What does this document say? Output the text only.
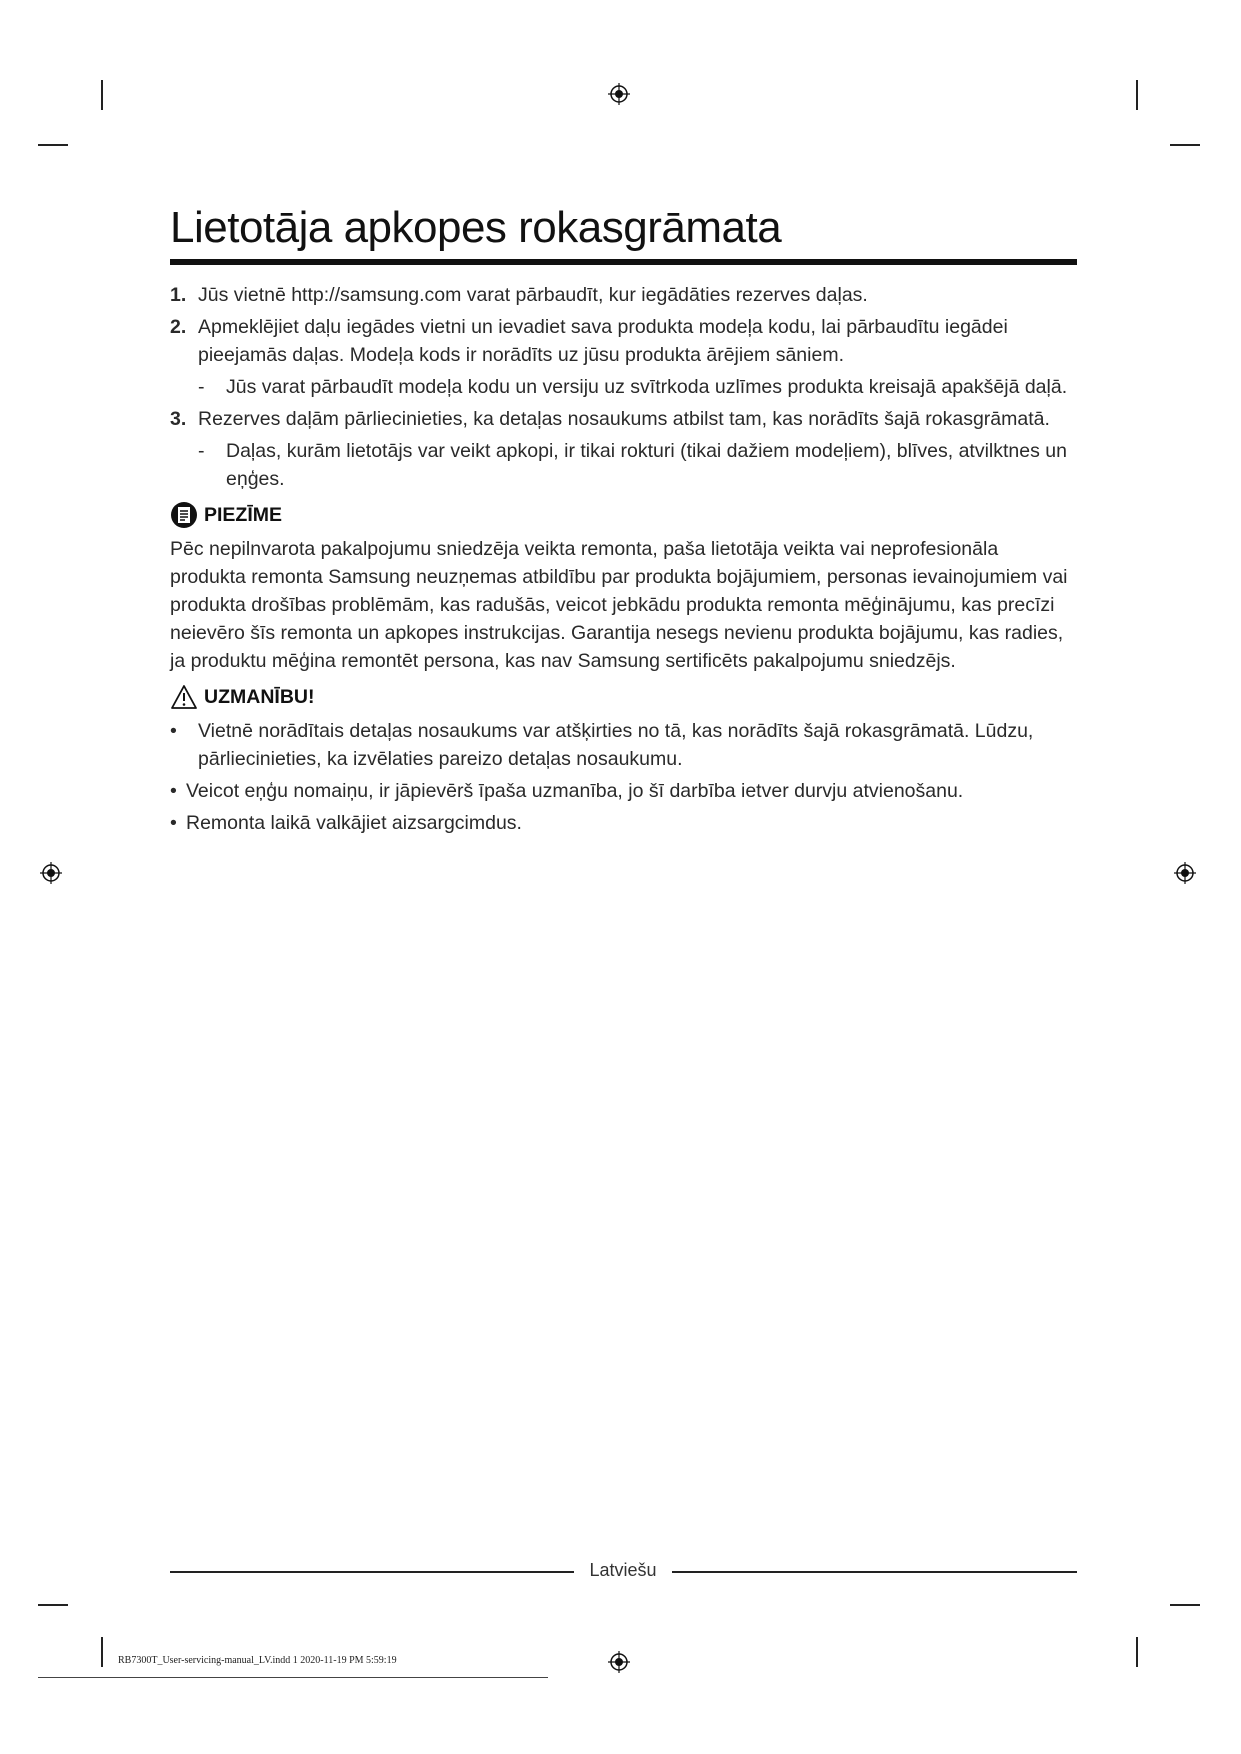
Lietotāja apkopes rokasgrāmata
1. Jūs vietnē http://samsung.com varat pārbaudīt, kur iegādāties rezerves daļas.

2. Apmeklējiet daļu iegādes vietni un ievadiet sava produkta modeļa kodu, lai pārbaudītu iegādei pieejamās daļas. Modeļa kods ir norādīts uz jūsu produkta ārējiem sāniem.

-	Jūs varat pārbaudīt modeļa kodu un versiju uz svītrkoda uzlīmes produkta kreisajā apakšējā daļā.

3. Rezerves daļām pārliecinieties, ka detaļas nosaukums atbilst tam, kas norādīts šajā rokasgrāmatā.

-	Daļas, kurām lietotājs var veikt apkopi, ir tikai rokturi (tikai dažiem modeļiem), blīves, atvilktnes un eņģes.

PIEZĪME

Pēc nepilnvarota pakalpojumu sniedzēja veikta remonta, paša lietotāja veikta vai neprofesionāla produkta remonta Samsung neuzņemas atbildību par produkta bojājumiem, personas ievainojumiem vai produkta drošības problēmām, kas radušās, veicot jebkādu produkta remonta mēģinājumu, kas precīzi neievēro šīs remonta un apkopes instrukcijas. Garantija nesegs nevienu produkta bojājumu, kas radies, ja produktu mēģina remontēt persona, kas nav Samsung sertificēts pakalpojumu sniedzējs.

UZMANĪBU!
•	Vietnē norādītais detaļas nosaukums var atšķirties no tā, kas norādīts šajā rokasgrāmatā. Lūdzu, pārliecinieties, ka izvēlaties pareizo detaļas nosaukumu.

• Veicot eņģu nomaiņu, ir jāpievērš īpaša uzmanība, jo šī darbība ietver durvju atvienošanu.

• Remonta laikā valkājiet aizsargcimdus.

Latviešu
RB7300T_User-servicing-manual_LV.indd 1 2020-11-19 PM 5:59:19
